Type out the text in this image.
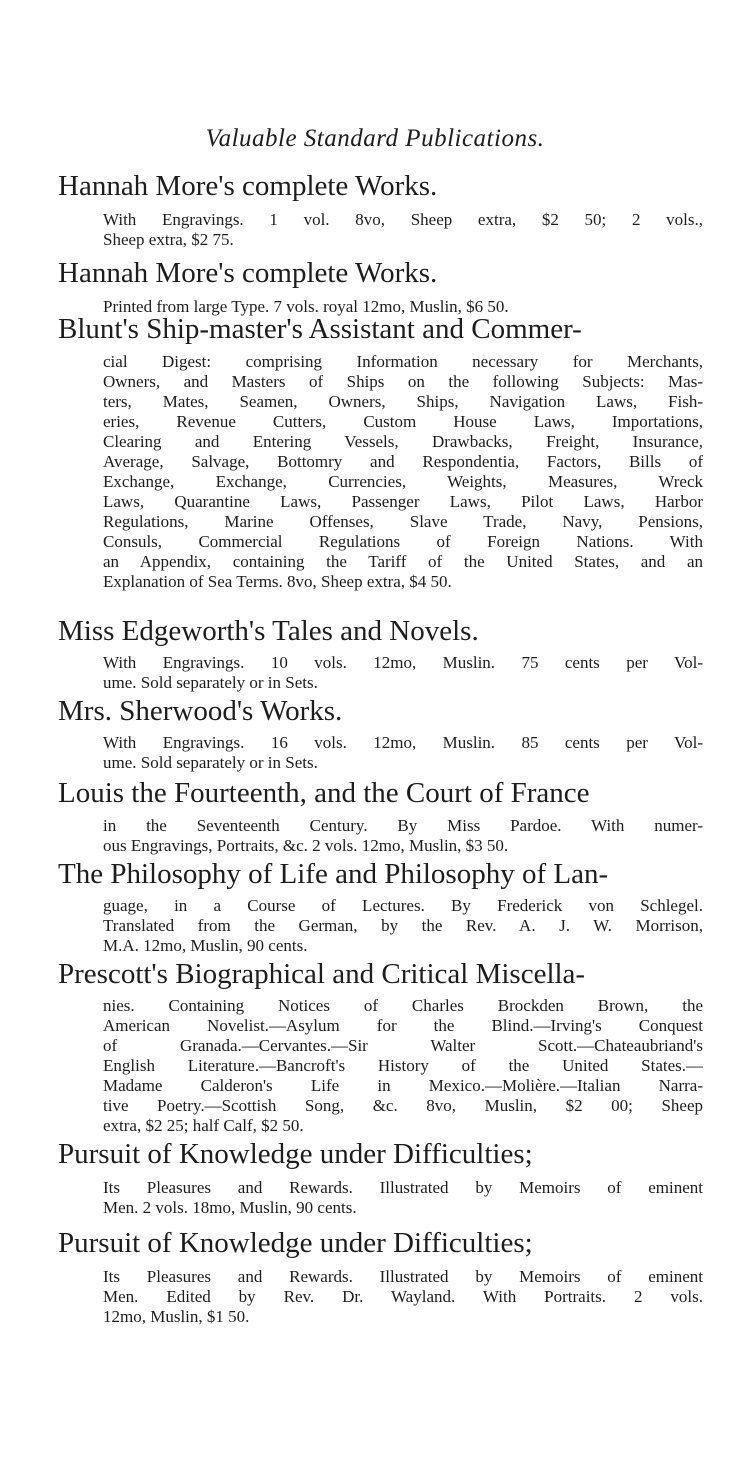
Valuable Standard Publications.
Hannah More's complete Works.
With Engravings. 1 vol. 8vo, Sheep extra, $2 50; 2 vols.,
Sheep extra, $2 75.
Hannah More's complete Works.
Printed from large Type. 7 vols. royal 12mo, Muslin, $6 50.
Blunt's Ship-master's Assistant and Commer-
cial Digest: comprising Information necessary for Merchants,
Owners, and Masters of Ships on the following Subjects: Mas-
ters, Mates, Seamen, Owners, Ships, Navigation Laws, Fish-
eries, Revenue Cutters, Custom House Laws, Importations,
Clearing and Entering Vessels, Drawbacks, Freight, Insurance,
Average, Salvage, Bottomry and Respondentia, Factors, Bills of
Exchange, Exchange, Currencies, Weights, Measures, Wreck
Laws, Quarantine Laws, Passenger Laws, Pilot Laws, Harbor
Regulations, Marine Offenses, Slave Trade, Navy, Pensions,
Consuls, Commercial Regulations of Foreign Nations. With
an Appendix, containing the Tariff of the United States, and an
Explanation of Sea Terms. 8vo, Sheep extra, $4 50.
Miss Edgeworth's Tales and Novels.
With Engravings. 10 vols. 12mo, Muslin. 75 cents per Vol-
ume. Sold separately or in Sets.
Mrs. Sherwood's Works.
With Engravings. 16 vols. 12mo, Muslin. 85 cents per Vol-
ume. Sold separately or in Sets.
Louis the Fourteenth, and the Court of France
in the Seventeenth Century. By Miss Pardoe. With numer-
ous Engravings, Portraits, &c. 2 vols. 12mo, Muslin, $3 50.
The Philosophy of Life and Philosophy of Lan-
guage, in a Course of Lectures. By Frederick von Schlegel.
Translated from the German, by the Rev. A. J. W. Morrison,
M.A. 12mo, Muslin, 90 cents.
Prescott's Biographical and Critical Miscella-
nies. Containing Notices of Charles Brockden Brown, the
American Novelist.—Asylum for the Blind.—Irving's Conquest
of Granada.—Cervantes.—Sir Walter Scott.—Chateaubriand's
English Literature.—Bancroft's History of the United States.—
Madame Calderon's Life in Mexico.—Molière.—Italian Narra-
tive Poetry.—Scottish Song, &c. 8vo, Muslin, $2 00; Sheep
extra, $2 25; half Calf, $2 50.
Pursuit of Knowledge under Difficulties;
Its Pleasures and Rewards. Illustrated by Memoirs of eminent
Men. 2 vols. 18mo, Muslin, 90 cents.
Pursuit of Knowledge under Difficulties;
Its Pleasures and Rewards. Illustrated by Memoirs of eminent
Men. Edited by Rev. Dr. Wayland. With Portraits. 2 vols.
12mo, Muslin, $1 50.
